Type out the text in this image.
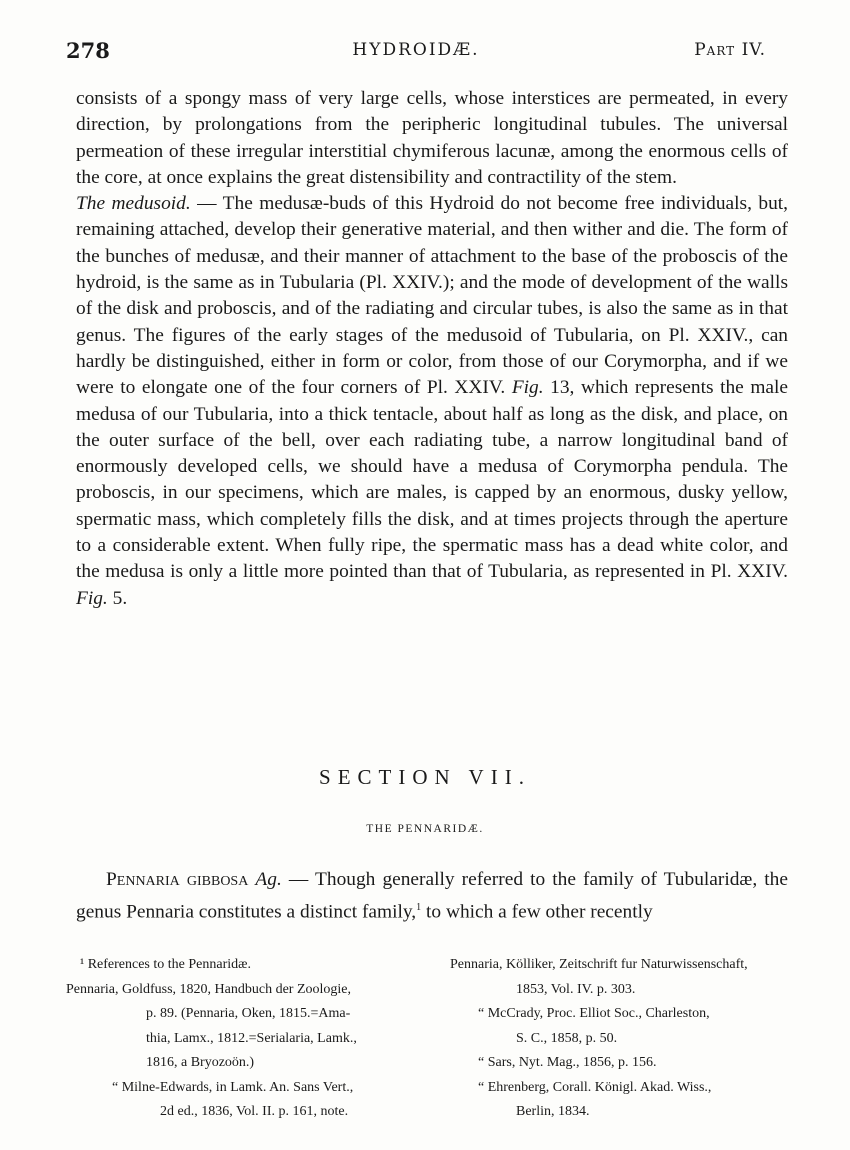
278	HYDROIDÆ.	Part IV.

consists of a spongy mass of very large cells, whose interstices are permeated, in every direction, by prolongations from the peripheric longitudinal tubules. The universal permeation of these irregular interstitial chymiferous lacunæ, among the enormous cells of the core, at once explains the great distensibility and contractility of the stem.

The medusoid. — The medusæ-buds of this Hydroid do not become free individuals, but, remaining attached, develop their generative material, and then wither and die. The form of the bunches of medusæ, and their manner of attachment to the base of the proboscis of the hydroid, is the same as in Tubularia (Pl. XXIV.); and the mode of development of the walls of the disk and proboscis, and of the radiating and circular tubes, is also the same as in that genus. The figures of the early stages of the medusoid of Tubularia, on Pl. XXIV., can hardly be distinguished, either in form or color, from those of our Corymorpha, and if we were to elongate one of the four corners of Pl. XXIV. Fig. 13, which represents the male medusa of our Tubularia, into a thick tentacle, about half as long as the disk, and place, on the outer surface of the bell, over each radiating tube, a narrow longitudinal band of enormously developed cells, we should have a medusa of Corymorpha pendula. The proboscis, in our specimens, which are males, is capped by an enormous, dusky yellow, spermatic mass, which completely fills the disk, and at times projects through the aperture to a considerable extent. When fully ripe, the spermatic mass has a dead white color, and the medusa is only a little more pointed than that of Tubularia, as represented in Pl. XXIV. Fig. 5.

SECTION VII.
THE PENNARIDÆ.

Pennaria gibbosa Ag. — Though generally referred to the family of Tubularidæ, the genus Pennaria constitutes a distinct family,$^1$ to which a few other recently

¹ References to the Pennaridæ.
Pennaria, Goldfuss, 1820, Handbuch der Zoologie,
p. 89. (Pennaria, Oken, 1815.=Ama-
thia, Lamx., 1812.=Serialaria, Lamk.,
1816, a Bryozoön.)
“ Milne-Edwards, in Lamk. An. Sans Vert.,
2d ed., 1836, Vol. II. p. 161, note.
Pennaria, Kölliker, Zeitschrift fur Naturwissenschaft,
1853, Vol. IV. p. 303.
“ McCrady, Proc. Elliot Soc., Charleston,
S. C., 1858, p. 50.
“ Sars, Nyt. Mag., 1856, p. 156.
“ Ehrenberg, Corall. Königl. Akad. Wiss.,
Berlin, 1834.
